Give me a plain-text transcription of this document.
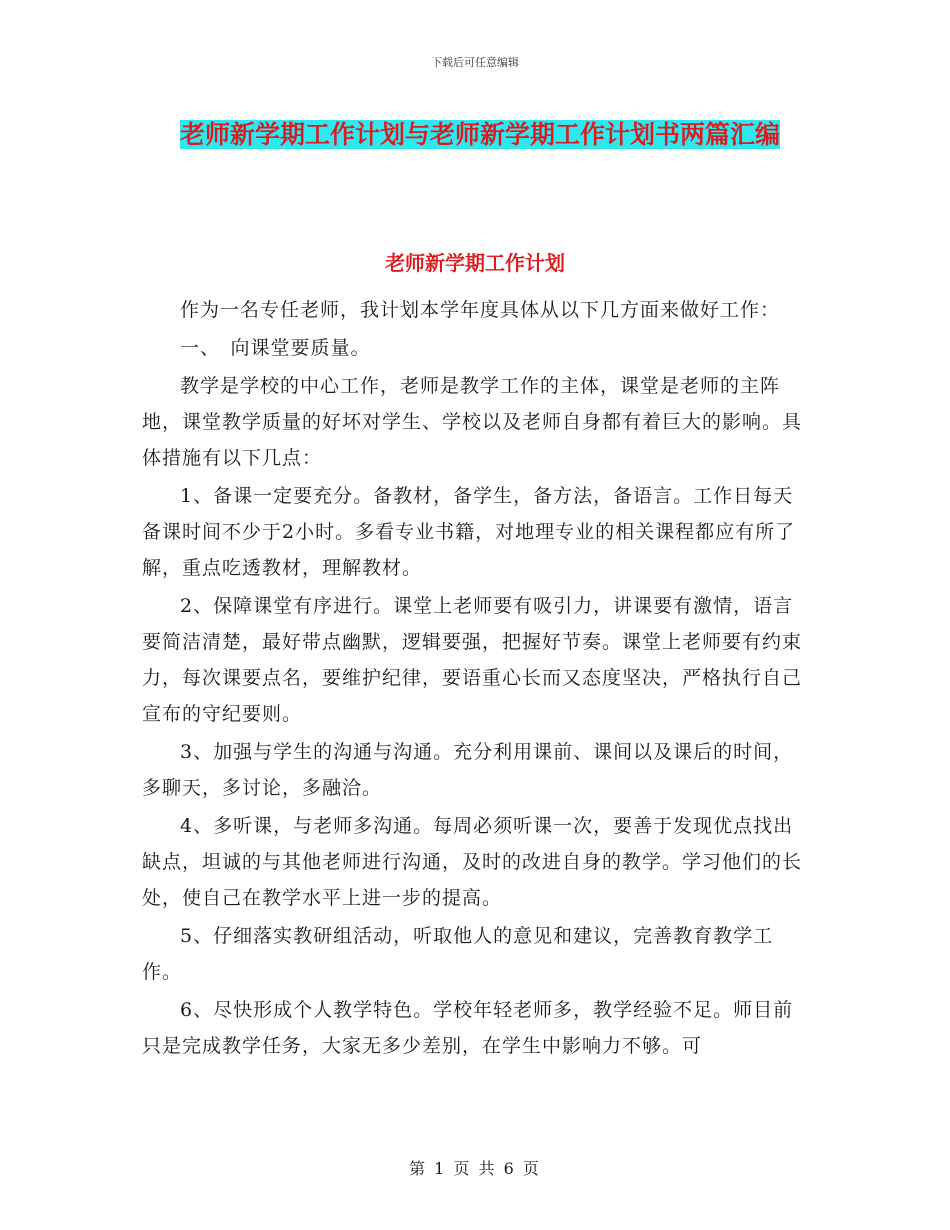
下载后可任意编辑
老师新学期工作计划与老师新学期工作计划书两篇汇编
老师新学期工作计划

作为一名专任老师，我计划本学年度具体从以下几方面来做好工作：

一、　向课堂要质量。

教学是学校的中心工作，老师是教学工作的主体，课堂是老师的主阵地，课堂教学质量的好坏对学生、学校以及老师自身都有着巨大的影响。具体措施有以下几点：

1、备课一定要充分。备教材，备学生，备方法，备语言。工作日每天备课时间不少于2小时。多看专业书籍，对地理专业的相关课程都应有所了解，重点吃透教材，理解教材。

2、保障课堂有序进行。课堂上老师要有吸引力，讲课要有激情，语言要简洁清楚，最好带点幽默，逻辑要强，把握好节奏。课堂上老师要有约束力，每次课要点名，要维护纪律，要语重心长而又态度坚决，严格执行自己宣布的守纪要则。

3、加强与学生的沟通与沟通。充分利用课前、课间以及课后的时间，多聊天，多讨论，多融洽。

4、多听课，与老师多沟通。每周必须听课一次，要善于发现优点找出缺点，坦诚的与其他老师进行沟通，及时的改进自身的教学。学习他们的长处，使自己在教学水平上进一步的提高。

5、仔细落实教研组活动，听取他人的意见和建议，完善教育教学工作。

6、尽快形成个人教学特色。学校年轻老师多，教学经验不足。师目前只是完成教学任务，大家无多少差别，在学生中影响力不够。可

第 1 页 共 6 页
